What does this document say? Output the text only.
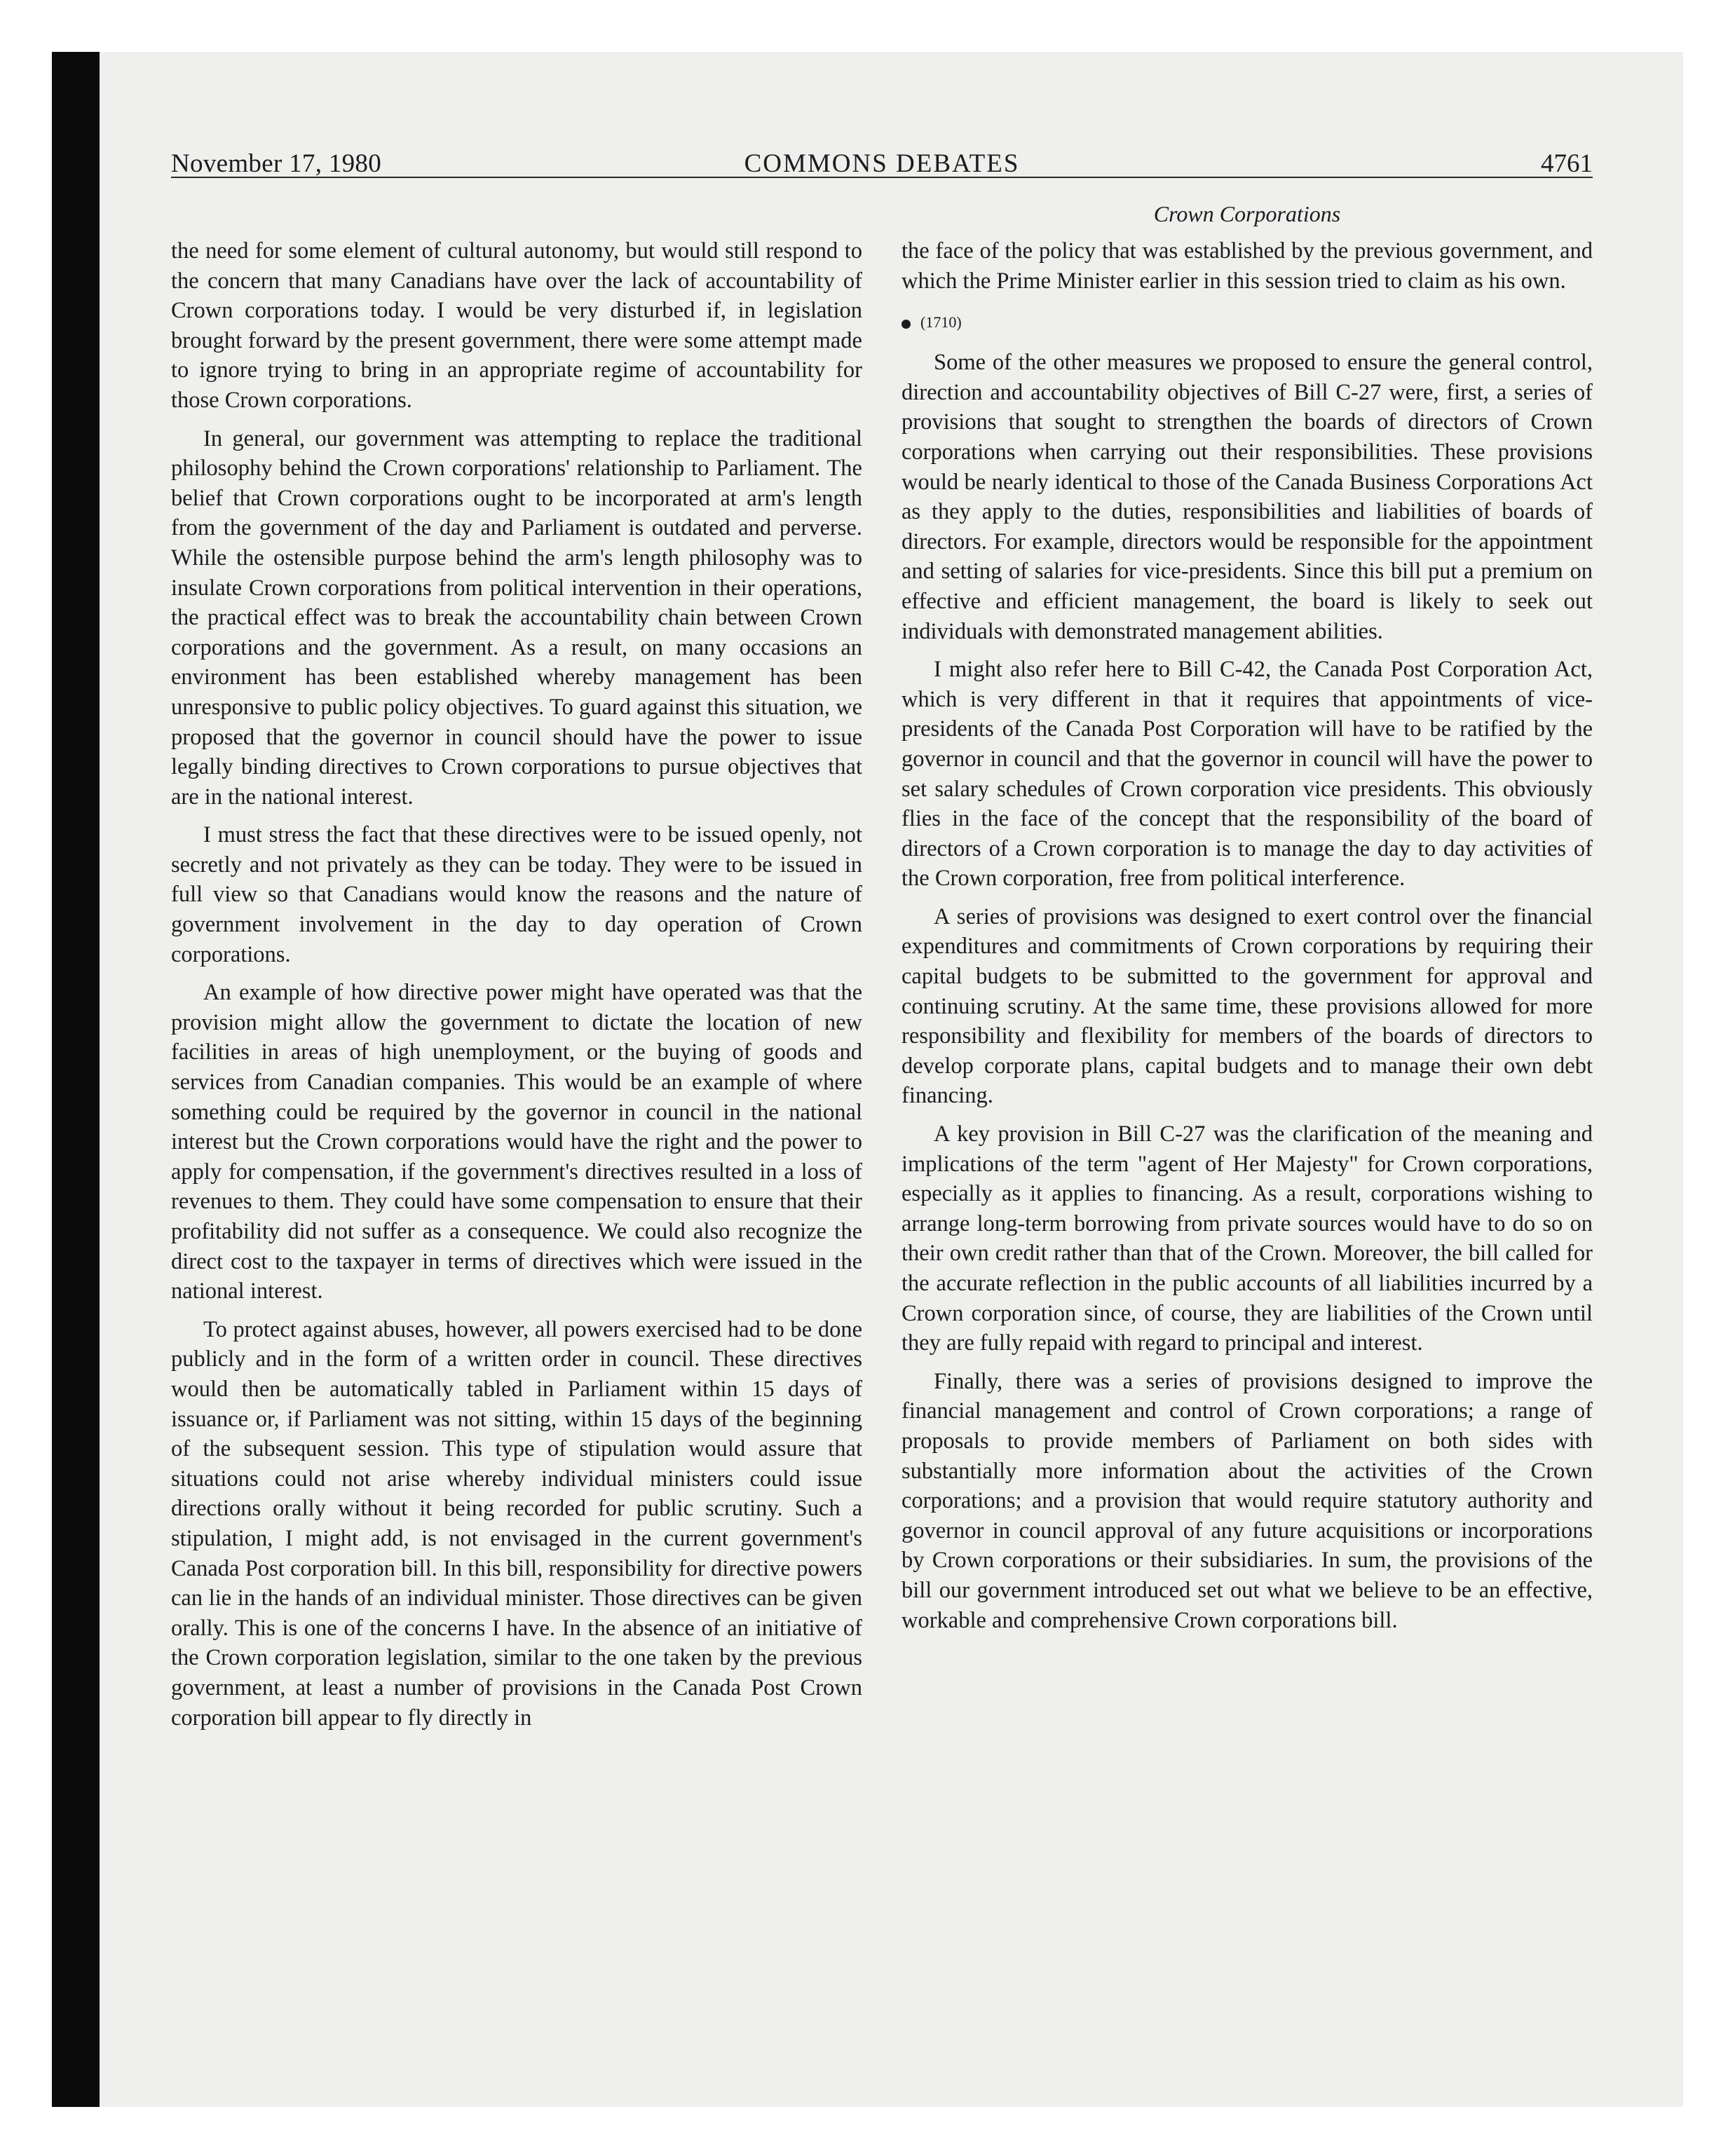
November 17, 1980	COMMONS DEBATES	4761
Crown Corporations

the need for some element of cultural autonomy, but would still respond to the concern that many Canadians have over the lack of accountability of Crown corporations today. I would be very disturbed if, in legislation brought forward by the present government, there were some attempt made to ignore trying to bring in an appropriate regime of accountability for those Crown corporations.

In general, our government was attempting to replace the traditional philosophy behind the Crown corporations' relationship to Parliament. The belief that Crown corporations ought to be incorporated at arm's length from the government of the day and Parliament is outdated and perverse. While the ostensible purpose behind the arm's length philosophy was to insulate Crown corporations from political intervention in their operations, the practical effect was to break the accountability chain between Crown corporations and the government. As a result, on many occasions an environment has been established whereby management has been unresponsive to public policy objectives. To guard against this situation, we proposed that the governor in council should have the power to issue legally binding directives to Crown corporations to pursue objectives that are in the national interest.

I must stress the fact that these directives were to be issued openly, not secretly and not privately as they can be today. They were to be issued in full view so that Canadians would know the reasons and the nature of government involvement in the day to day operation of Crown corporations.

An example of how directive power might have operated was that the provision might allow the government to dictate the location of new facilities in areas of high unemployment, or the buying of goods and services from Canadian companies. This would be an example of where something could be required by the governor in council in the national interest but the Crown corporations would have the right and the power to apply for compensation, if the government's directives resulted in a loss of revenues to them. They could have some compensation to ensure that their profitability did not suffer as a consequence. We could also recognize the direct cost to the taxpayer in terms of directives which were issued in the national interest.

To protect against abuses, however, all powers exercised had to be done publicly and in the form of a written order in council. These directives would then be automatically tabled in Parliament within 15 days of issuance or, if Parliament was not sitting, within 15 days of the beginning of the subsequent session. This type of stipulation would assure that situations could not arise whereby individual ministers could issue directions orally without it being recorded for public scrutiny. Such a stipulation, I might add, is not envisaged in the current government's Canada Post corporation bill. In this bill, responsibility for directive powers can lie in the hands of an individual minister. Those directives can be given orally. This is one of the concerns I have. In the absence of an initiative of the Crown corporation legislation, similar to the one taken by the previous government, at least a number of provisions in the Canada Post Crown corporation bill appear to fly directly in

the face of the policy that was established by the previous government, and which the Prime Minister earlier in this session tried to claim as his own.

(1710)

Some of the other measures we proposed to ensure the general control, direction and accountability objectives of Bill C-27 were, first, a series of provisions that sought to strengthen the boards of directors of Crown corporations when carrying out their responsibilities. These provisions would be nearly identical to those of the Canada Business Corporations Act as they apply to the duties, responsibilities and liabilities of boards of directors. For example, directors would be responsible for the appointment and setting of salaries for vice-presidents. Since this bill put a premium on effective and efficient management, the board is likely to seek out individuals with demonstrated management abilities.

I might also refer here to Bill C-42, the Canada Post Corporation Act, which is very different in that it requires that appointments of vice-presidents of the Canada Post Corporation will have to be ratified by the governor in council and that the governor in council will have the power to set salary schedules of Crown corporation vice presidents. This obviously flies in the face of the concept that the responsibility of the board of directors of a Crown corporation is to manage the day to day activities of the Crown corporation, free from political interference.

A series of provisions was designed to exert control over the financial expenditures and commitments of Crown corporations by requiring their capital budgets to be submitted to the government for approval and continuing scrutiny. At the same time, these provisions allowed for more responsibility and flexibility for members of the boards of directors to develop corporate plans, capital budgets and to manage their own debt financing.

A key provision in Bill C-27 was the clarification of the meaning and implications of the term "agent of Her Majesty" for Crown corporations, especially as it applies to financing. As a result, corporations wishing to arrange long-term borrowing from private sources would have to do so on their own credit rather than that of the Crown. Moreover, the bill called for the accurate reflection in the public accounts of all liabilities incurred by a Crown corporation since, of course, they are liabilities of the Crown until they are fully repaid with regard to principal and interest.

Finally, there was a series of provisions designed to improve the financial management and control of Crown corporations; a range of proposals to provide members of Parliament on both sides with substantially more information about the activities of the Crown corporations; and a provision that would require statutory authority and governor in council approval of any future acquisitions or incorporations by Crown corporations or their subsidiaries. In sum, the provisions of the bill our government introduced set out what we believe to be an effective, workable and comprehensive Crown corporations bill.
